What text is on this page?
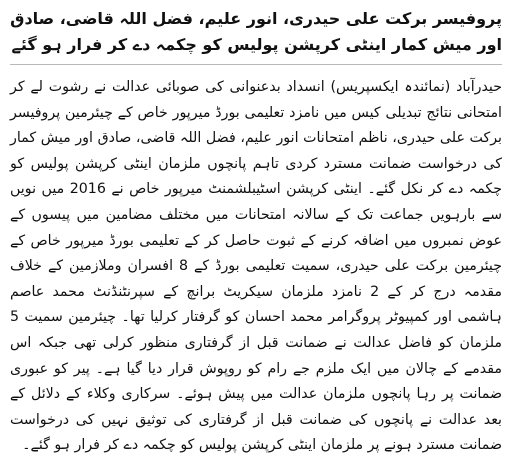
پروفیسر برکت علی حیدری، انور علیم، فضل اللہ قاضی، صادق اور میش کمار اینٹی کرپشن پولیس کو چکمہ دے کر فرار ہو گئے

حیدرآباد (نمائندہ ایکسپریس) انسداد بدعنوانی کی صوبائی عدالت نے رشوت لے کر امتحانی نتائج تبدیلی کیس میں نامزد تعلیمی بورڈ میرپور خاص کے چیئرمین پروفیسر برکت علی حیدری، ناظم امتحانات انور علیم، فضل اللہ قاضی، صادق اور میش کمار کی درخواست ضمانت مسترد کردی تاہم پانچوں ملزمان اینٹی کرپشن پولیس کو چکمہ دے کر نکل گئے۔ اینٹی کرپشن اسٹیبلشمنٹ میرپور خاص نے 2016 میں نویں سے بارہویں جماعت تک کے سالانہ امتحانات میں مختلف مضامین میں پیسوں کے عوض نمبروں میں اضافہ کرنے کے ثبوت حاصل کر کے تعلیمی بورڈ میرپور خاص کے چیئرمین برکت علی حیدری، سمیت تعلیمی بورڈ کے 8 افسران وملازمین کے خلاف مقدمہ درج کر کے 2 نامزد ملزمان سیکریٹ برانچ کے سپرنٹنڈنٹ محمد عاصم ہاشمی اور کمپیوٹر پروگرامر محمد احسان کو گرفتار کرلیا تھا۔ چیئرمین سمیت 5 ملزمان کو فاضل عدالت نے ضمانت قبل از گرفتاری منظور کرلی تھی جبکہ اس مقدمے کے چالان میں ایک ملزم جے رام کو روپوش قرار دیا گیا ہے۔ پیر کو عبوری ضمانت پر رہا پانچوں ملزمان عدالت میں پیش ہوئے۔ سرکاری وکلاء کے دلائل کے بعد عدالت نے پانچوں کی ضمانت قبل از گرفتاری کی توثیق نہیں کی درخواست ضمانت مسترد ہونے پر ملزمان اینٹی کرپشن پولیس کو چکمہ دے کر فرار ہو گئے۔
